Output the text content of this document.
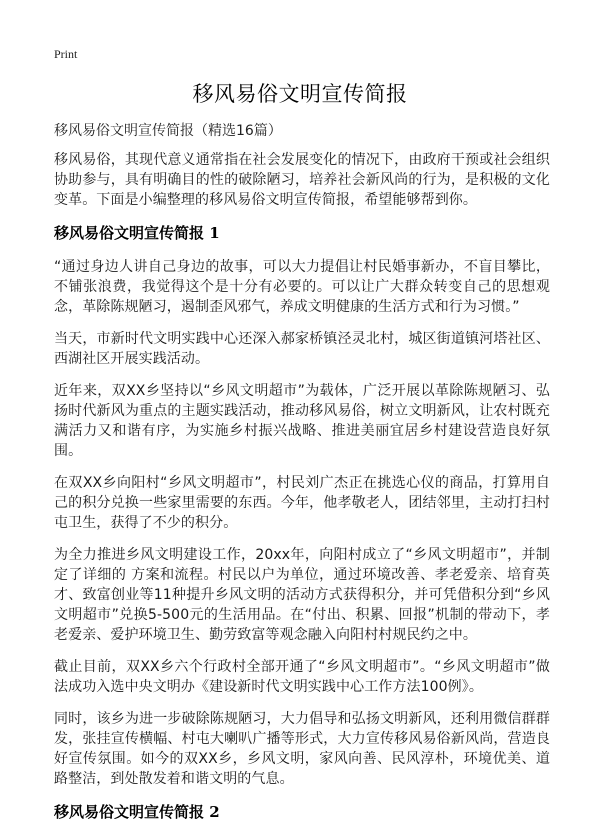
Print
移风易俗文明宣传简报

移风易俗文明宣传简报（精选16篇）

移风易俗，其现代意义通常指在社会发展变化的情况下，由政府干预或社会组织协助参与，具有明确目的性的破除陋习，培养社会新风尚的行为，是积极的文化变革。下面是小编整理的移风易俗文明宣传简报，希望能够帮到你。

移风易俗文明宣传简报 1

“通过身边人讲自己身边的故事，可以大力提倡让村民婚事新办，不盲目攀比，不铺张浪费，我觉得这个是十分有必要的。可以让广大群众转变自己的思想观念，革除陈规陋习，遏制歪风邪气，养成文明健康的生活方式和行为习惯。”

当天，市新时代文明实践中心还深入郝家桥镇泾灵北村，城区街道镇河塔社区、西湖社区开展实践活动。

近年来，双XX乡坚持以“乡风文明超市”为载体，广泛开展以革除陈规陋习、弘扬时代新风为重点的主题实践活动，推动移风易俗，树立文明新风，让农村既充满活力又和谐有序，为实施乡村振兴战略、推进美丽宜居乡村建设营造良好氛围。

在双XX乡向阳村“乡风文明超市”，村民刘广杰正在挑选心仪的商品，打算用自己的积分兑换一些家里需要的东西。今年，他孝敬老人，团结邻里，主动打扫村屯卫生，获得了不少的积分。

为全力推进乡风文明建设工作，20xx年，向阳村成立了“乡风文明超市”，并制定了详细的 方案和流程。村民以户为单位，通过环境改善、孝老爱亲、培育英才、致富创业等11种提升乡风文明的活动方式获得积分，并可凭借积分到“乡风文明超市”兑换5-500元的生活用品。在“付出、积累、回报”机制的带动下，孝老爱亲、爱护环境卫生、勤劳致富等观念融入向阳村村规民约之中。

截止目前，双XX乡六个行政村全部开通了“乡风文明超市”。“乡风文明超市”做法成功入选中央文明办《建设新时代文明实践中心工作方法100例》。

同时，该乡为进一步破除陈规陋习，大力倡导和弘扬文明新风，还利用微信群群发，张挂宣传横幅、村屯大喇叭广播等形式，大力宣传移风易俗新风尚，营造良好宣传氛围。如今的双XX乡，乡风文明，家风向善、民风淳朴，环境优美、道路整洁，到处散发着和谐文明的气息。

移风易俗文明宣传简报 2
